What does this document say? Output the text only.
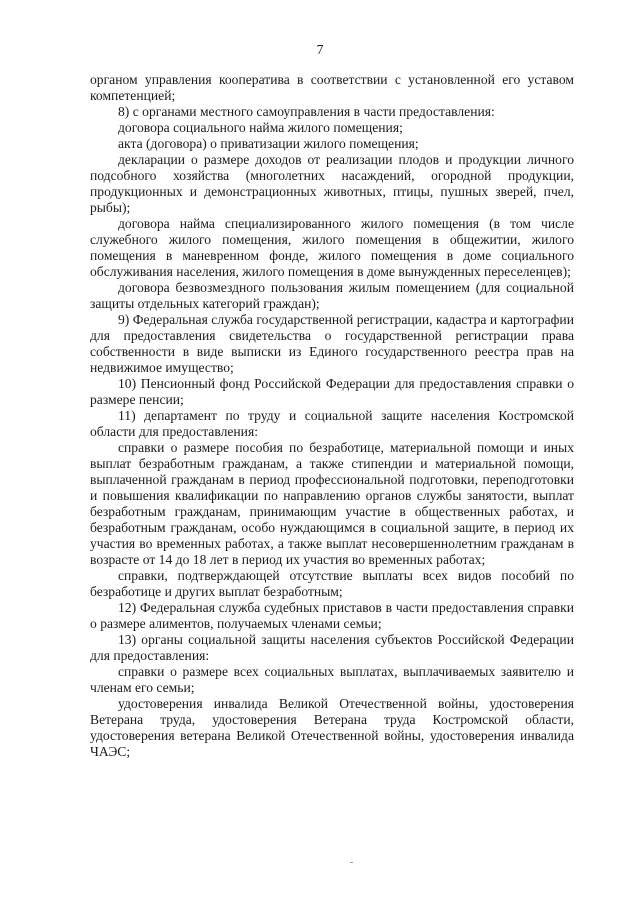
7

органом управления кооператива в соответствии с установленной его уставом компетенцией;

8) с органами местного самоуправления в части предоставления:

договора социального найма жилого помещения;

акта (договора) о приватизации жилого помещения;

декларации о размере доходов от реализации плодов и продукции личного подсобного хозяйства (многолетних насаждений, огородной продукции, продукционных и демонстрационных животных, птицы, пушных зверей, пчел, рыбы);

договора найма специализированного жилого помещения (в том числе служебного жилого помещения, жилого помещения в общежитии, жилого помещения в маневренном фонде, жилого помещения в доме социального обслуживания населения, жилого помещения в доме вынужденных переселенцев);

договора безвозмездного пользования жилым помещением (для социальной защиты отдельных категорий граждан);

9) Федеральная служба государственной регистрации, кадастра и картографии для предоставления свидетельства о государственной регистрации права собственности в виде выписки из Единого государственного реестра прав на недвижимое имущество;

10) Пенсионный фонд Российской Федерации для предоставления справки о размере пенсии;

11) департамент по труду и социальной защите населения Костромской области для предоставления:

справки о размере пособия по безработице, материальной помощи и иных выплат безработным гражданам, а также стипендии и материальной помощи, выплаченной гражданам в период профессиональной подготовки, переподготовки и повышения квалификации по направлению органов службы занятости, выплат безработным гражданам, принимающим участие в общественных работах, и безработным гражданам, особо нуждающимся в социальной защите, в период их участия во временных работах, а также выплат несовершеннолетним гражданам в возрасте от 14 до 18 лет в период их участия во временных работах;

справки, подтверждающей отсутствие выплаты всех видов пособий по безработице и других выплат безработным;

12) Федеральная служба судебных приставов в части предоставления справки о размере алиментов, получаемых членами семьи;

13) органы социальной защиты населения субъектов Российской Федерации для предоставления:

справки о размере всех социальных выплатах, выплачиваемых заявителю и членам его семьи;

удостоверения инвалида Великой Отечественной войны, удостоверения Ветерана труда, удостоверения Ветерана труда Костромской области, удостоверения ветерана Великой Отечественной войны, удостоверения инвалида ЧАЭС;
